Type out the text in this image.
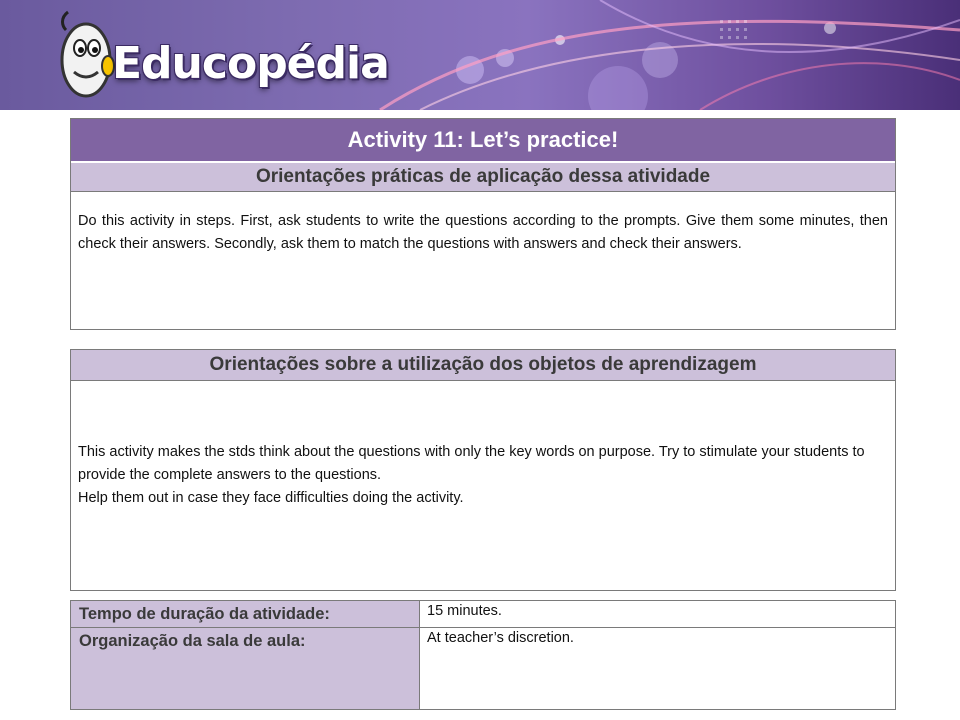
Educopédia
Activity 11: Let’s practice!
Orientações práticas de aplicação dessa atividade

Do this activity in steps. First, ask students to write the questions according to the prompts. Give them some minutes, then check their answers. Secondly, ask them to match the questions with answers and check their answers.

Orientações sobre a utilização dos objetos de aprendizagem

This activity makes the stds think about the questions with only the key words on purpose. Try to stimulate your students to provide the complete answers to the questions.

Help them out in case they face difficulties doing the activity.

Tempo de duração da atividade:	15 minutes.
Organização da sala de aula:	At teacher’s discretion.
